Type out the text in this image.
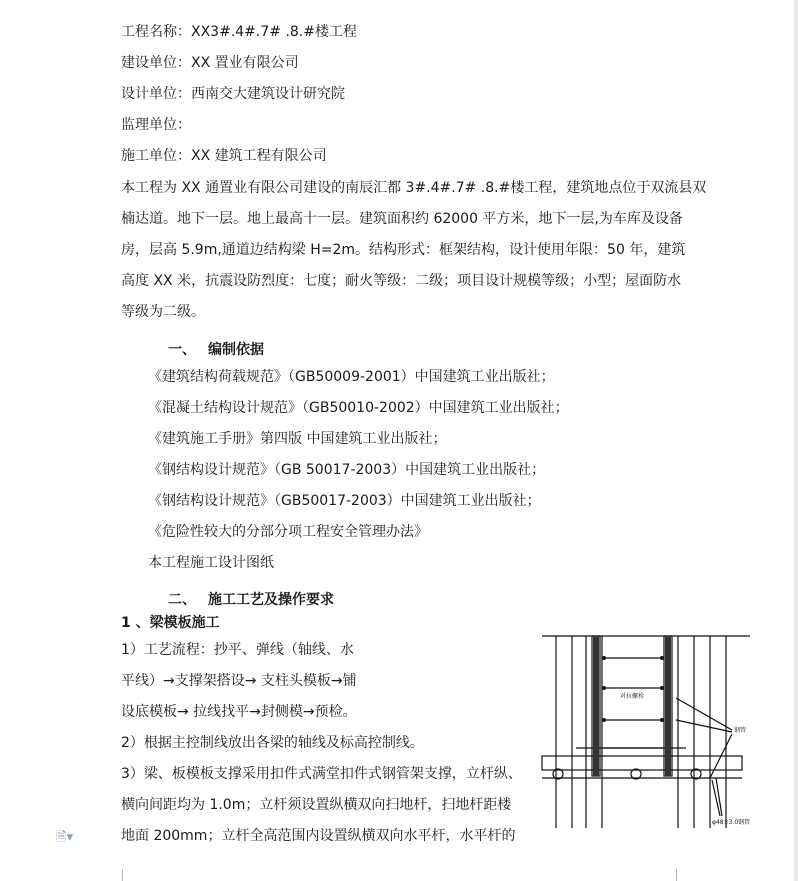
工程名称：XX3#.4#.7# .8.#楼工程
建设单位：XX 置业有限公司
设计单位：西南交大建筑设计研究院
监理单位：
施工单位：XX 建筑工程有限公司
本工程为 XX 通置业有限公司建设的南辰汇都 3#.4#.7# .8.#楼工程，建筑地点位于双流县双
楠达道。地下一层。地上最高十一层。建筑面积约 62000 平方米，地下一层,为车库及设备
房，层高 5.9m,通道边结构梁 H=2m。结构形式：框架结构，设计使用年限：50 年，建筑
高度 XX 米，抗震设防烈度：七度；耐火等级：二级；项目设计规模等级；小型；屋面防水
等级为二级。
一、 编制依据
《建筑结构荷载规范》（GB50009-2001）中国建筑工业出版社；
《混凝土结构设计规范》（GB50010-2002）中国建筑工业出版社；
《建筑施工手册》第四版 中国建筑工业出版社；
《钢结构设计规范》（GB 50017-2003）中国建筑工业出版社；
《钢结构设计规范》（GB50017-2003）中国建筑工业出版社；
《危险性较大的分部分项工程安全管理办法》
本工程施工设计图纸
二、 施工工艺及操作要求
1 、梁模板施工
1）工艺流程：抄平、弹线（轴线、水
平线）→支撑架搭设→ 支柱头模板→铺
设底模板→ 拉线找平→封侧模→预检。
2）根据主控制线放出各梁的轴线及标高控制线。
3）梁、板模板支撑采用扣件式满堂扣件式钢管架支撑，立杆纵、
横向间距均为 1.0m；立杆须设置纵横双向扫地杆，扫地杆距楼
地面 200mm；立杆全高范围内设置纵横双向水平杆，水平杆的
对拉螺栓
钢管
φ48×3.0钢管
🗎▾
